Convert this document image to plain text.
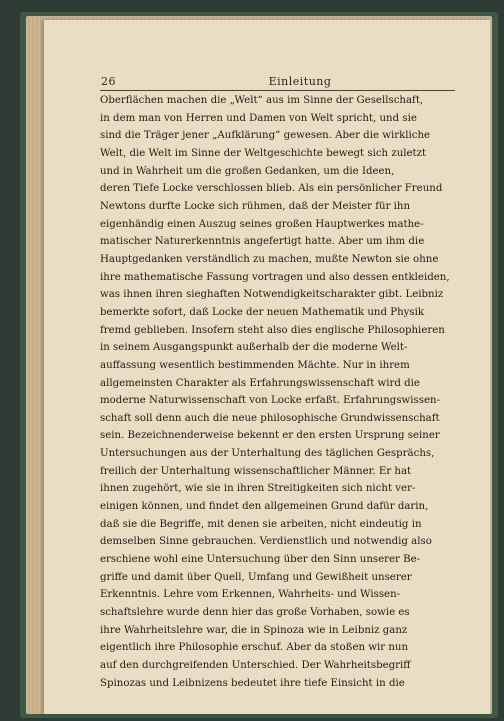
26	Einleitung

Oberflächen machen die „Welt“ aus im Sinne der Gesellschaft,
in dem man von Herren und Damen von Welt spricht, und sie
sind die Träger jener „Aufklärung“ gewesen. Aber die wirkliche
Welt, die Welt im Sinne der Weltgeschichte bewegt sich zuletzt
und in Wahrheit um die großen Gedanken, um die Ideen,
deren Tiefe Locke verschlossen blieb. Als ein persönlicher Freund
Newtons durfte Locke sich rühmen, daß der Meister für ihn
eigenhändig einen Auszug seines großen Hauptwerkes mathe-
matischer Naturerkenntnis angefertigt hatte. Aber um ihm die
Hauptgedanken verständlich zu machen, mußte Newton sie ohne
ihre mathematische Fassung vortragen und also dessen entkleiden,
was ihnen ihren sieghaften Notwendigkeitscharakter gibt. Leibniz
bemerkte sofort, daß Locke der neuen Mathematik und Physik
fremd geblieben. Insofern steht also dies englische Philosophieren
in seinem Ausgangspunkt außerhalb der die moderne Welt-
auffassung wesentlich bestimmenden Mächte. Nur in ihrem
allgemeinsten Charakter als Erfahrungswissenschaft wird die
moderne Naturwissenschaft von Locke erfaßt. Erfahrungswissen-
schaft soll denn auch die neue philosophische Grundwissenschaft
sein. Bezeichnenderweise bekennt er den ersten Ursprung seiner
Untersuchungen aus der Unterhaltung des täglichen Gesprächs,
freilich der Unterhaltung wissenschaftlicher Männer. Er hat
ihnen zugehört, wie sie in ihren Streitigkeiten sich nicht ver-
einigen können, und findet den allgemeinen Grund dafür darin,
daß sie die Begriffe, mit denen sie arbeiten, nicht eindeutig in
demselben Sinne gebrauchen. Verdienstlich und notwendig also
erschiene wohl eine Untersuchung über den Sinn unserer Be-
griffe und damit über Quell, Umfang und Gewißheit unserer
Erkenntnis. Lehre vom Erkennen, Wahrheits- und Wissen-
schaftslehre wurde denn hier das große Vorhaben, sowie es
ihre Wahrheitslehre war, die in Spinoza wie in Leibniz ganz
eigentlich ihre Philosophie erschuf. Aber da stoßen wir nun
auf den durchgreifenden Unterschied. Der Wahrheitsbegriff
Spinozas und Leibnizens bedeutet ihre tiefe Einsicht in die
